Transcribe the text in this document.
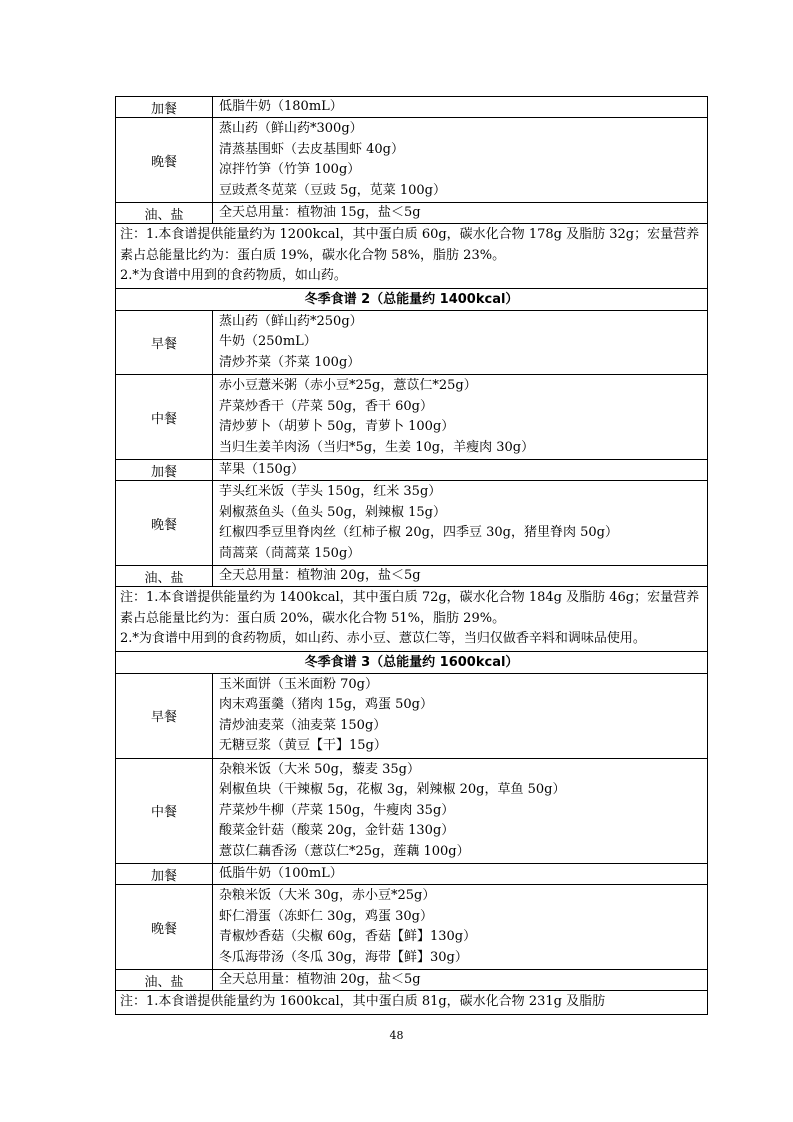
加餐	低脂牛奶（180mL）

晚餐	蒸山药（鲜山药*300g）
清蒸基围虾（去皮基围虾 40g）
凉拌竹笋（竹笋 100g）
豆豉煮冬苋菜（豆豉 5g，苋菜 100g）

油、盐	全天总用量：植物油 15g，盐＜5g

注：1.本食谱提供能量约为 1200kcal，其中蛋白质 60g，碳水化合物 178g 及脂肪 32g；宏量营养素占总能量比约为：蛋白质 19%，碳水化合物 58%，脂肪 23%。
2.*为食谱中用到的食药物质，如山药。	

冬季食谱 2（总能量约 1400kcal）	
早餐	蒸山药（鲜山药*250g）
牛奶（250mL）
清炒芥菜（芥菜 100g）

中餐	赤小豆薏米粥（赤小豆*25g，薏苡仁*25g）
芹菜炒香干（芹菜 50g，香干 60g）
清炒萝卜（胡萝卜 50g，青萝卜 100g）
当归生姜羊肉汤（当归*5g，生姜 10g，羊瘦肉 30g）

加餐	苹果（150g）

晚餐	芋头红米饭（芋头 150g，红米 35g）
剁椒蒸鱼头（鱼头 50g，剁辣椒 15g）
红椒四季豆里脊肉丝（红柿子椒 20g，四季豆 30g，猪里脊肉 50g）
茼蒿菜（茼蒿菜 150g）

油、盐	全天总用量：植物油 20g，盐＜5g

注：1.本食谱提供能量约为 1400kcal，其中蛋白质 72g，碳水化合物 184g 及脂肪 46g；宏量营养素占总能量比约为：蛋白质 20%，碳水化合物 51%，脂肪 29%。
2.*为食谱中用到的食药物质，如山药、赤小豆、薏苡仁等，当归仅做香辛料和调味品使用。	

冬季食谱 3（总能量约 1600kcal）	
早餐	玉米面饼（玉米面粉 70g）
肉末鸡蛋羹（猪肉 15g，鸡蛋 50g）
清炒油麦菜（油麦菜 150g）
无糖豆浆（黄豆【干】15g）

中餐	杂粮米饭（大米 50g，藜麦 35g）
剁椒鱼块（干辣椒 5g，花椒 3g，剁辣椒 20g，草鱼 50g）
芹菜炒牛柳（芹菜 150g，牛瘦肉 35g）
酸菜金针菇（酸菜 20g，金针菇 130g）
薏苡仁藕香汤（薏苡仁*25g，莲藕 100g）

加餐	低脂牛奶（100mL）

晚餐	杂粮米饭（大米 30g，赤小豆*25g）
虾仁滑蛋（冻虾仁 30g，鸡蛋 30g）
青椒炒香菇（尖椒 60g，香菇【鲜】130g）
冬瓜海带汤（冬瓜 30g，海带【鲜】30g）

油、盐	全天总用量：植物油 20g，盐＜5g

注：1.本食谱提供能量约为 1600kcal，其中蛋白质 81g，碳水化合物 231g 及脂肪	
48
